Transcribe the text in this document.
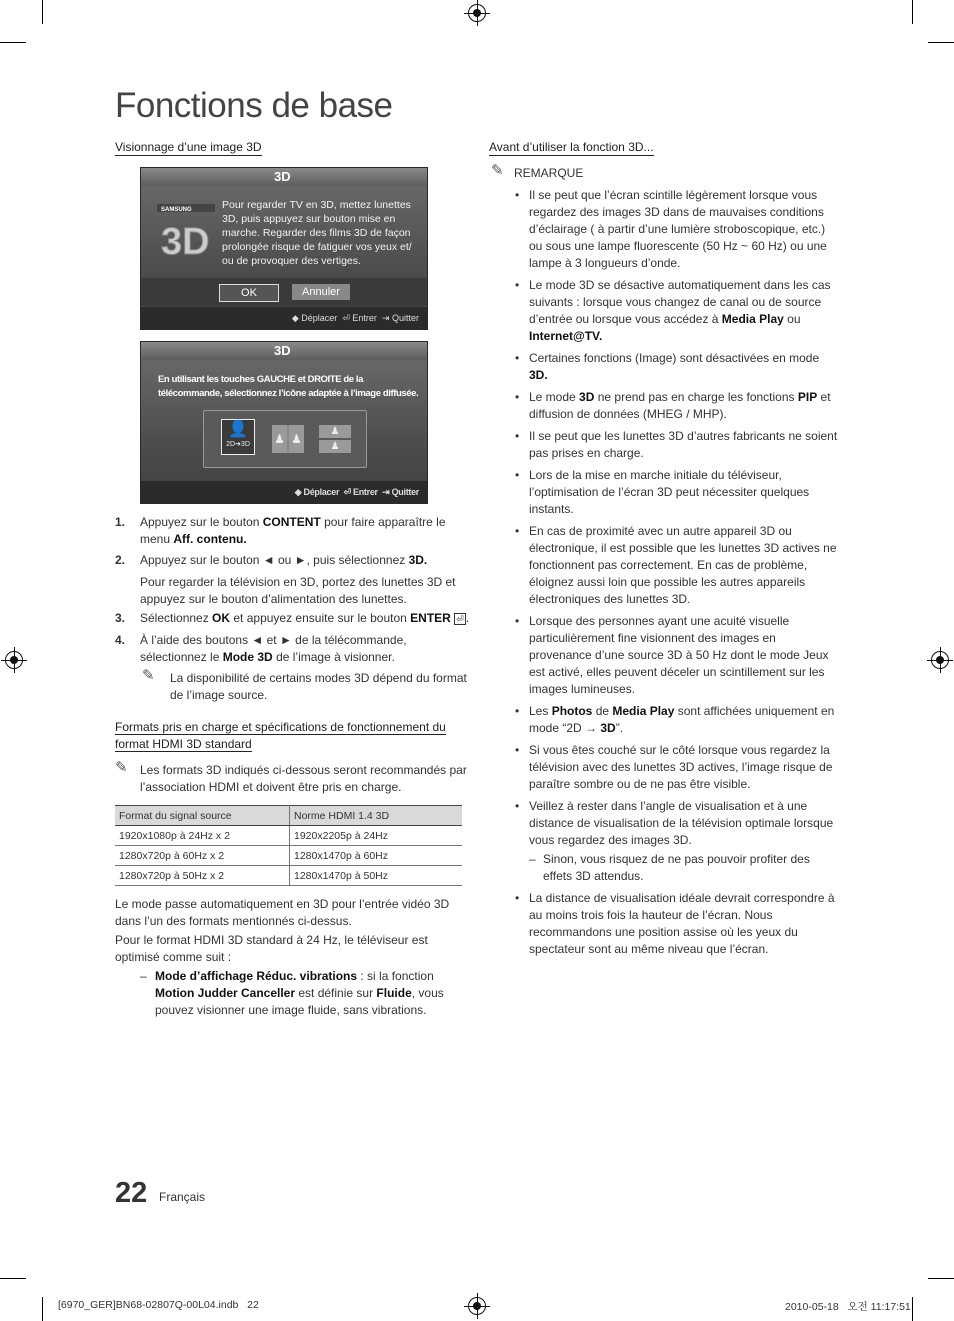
Fonctions de base
Visionnage d’une image 3D
3D
SAMSUNG
3D
Pour regarder TV en 3D, mettez lunettes 3D, puis appuyez sur bouton mise en marche. Regarder des films 3D de façon prolongée risque de fatiguer vos yeux et/ ou de provoquer des vertiges.
OK	Annuler
◆ Déplacer ⏎ Entrer ⇥ Quitter
3D
En utilisant les touches GAUCHE et DROITE de la télécommande, sélectionnez l’icône adaptée à l’image diffusée.
👤
2D➔3D	♟ ♟
♟
♟
◆ Déplacer ⏎ Entrer ⇥ Quitter
1. Appuyez sur le bouton CONTENT pour faire apparaître le menu Aff. contenu.
2. Appuyez sur le bouton ◄ ou ►, puis sélectionnez 3D.
Pour regarder la télévision en 3D, portez des lunettes 3D et appuyez sur le bouton d’alimentation des lunettes.
3. Sélectionnez OK et appuyez ensuite sur le bouton ENTER ⏎ .
4. À l’aide des boutons ◄ et ► de la télécommande, sélectionnez le Mode 3D de l’image à visionner.
✎ La disponibilité de certains modes 3D dépend du format de l’image source.
Formats pris en charge et spécifications de fonctionnement du format HDMI 3D standard
✎ Les formats 3D indiqués ci-dessous seront recommandés par l’association HDMI et doivent être pris en charge.
Format du signal source	Norme HDMI 1.4 3D
1920x1080p à 24Hz x 2	1920x2205p à 24Hz
1280x720p à 60Hz x 2	1280x1470p à 60Hz
1280x720p à 50Hz x 2	1280x1470p à 50Hz
Le mode passe automatiquement en 3D pour l’entrée vidéo 3D dans l’un des formats mentionnés ci-dessus.
Pour le format HDMI 3D standard à 24 Hz, le téléviseur est optimisé comme suit :
– Mode d’affichage Réduc. vibrations : si la fonction Motion Judder Canceller est définie sur Fluide, vous pouvez visionner une image fluide, sans vibrations.
Avant d’utiliser la fonction 3D...
✎ REMARQUE
• Il se peut que l’écran scintille légèrement lorsque vous regardez des images 3D dans de mauvaises conditions d’éclairage ( à partir d’une lumière stroboscopique, etc.) ou sous une lampe fluorescente (50 Hz ~ 60 Hz) ou une lampe à 3 longueurs d’onde.
• Le mode 3D se désactive automatiquement dans les cas suivants : lorsque vous changez de canal ou de source d’entrée ou lorsque vous accédez à Media Play ou Internet@TV.
• Certaines fonctions (Image) sont désactivées en mode 3D.
• Le mode 3D ne prend pas en charge les fonctions PIP et diffusion de données (MHEG / MHP).
• Il se peut que les lunettes 3D d’autres fabricants ne soient pas prises en charge.
• Lors de la mise en marche initiale du téléviseur, l’optimisation de l’écran 3D peut nécessiter quelques instants.
• En cas de proximité avec un autre appareil 3D ou électronique, il est possible que les lunettes 3D actives ne fonctionnent pas correctement. En cas de problème, éloignez aussi loin que possible les autres appareils électroniques des lunettes 3D.
• Lorsque des personnes ayant une acuité visuelle particulièrement fine visionnent des images en provenance d’une source 3D à 50 Hz dont le mode Jeux est activé, elles peuvent déceler un scintillement sur les images lumineuses.
• Les Photos de Media Play sont affichées uniquement en mode “2D → 3D”.
• Si vous êtes couché sur le côté lorsque vous regardez la télévision avec des lunettes 3D actives, l’image risque de paraître sombre ou de ne pas être visible.
• Veillez à rester dans l’angle de visualisation et à une distance de visualisation de la télévision optimale lorsque vous regardez des images 3D.
– Sinon, vous risquez de ne pas pouvoir profiter des effets 3D attendus.
• La distance de visualisation idéale devrait correspondre à au moins trois fois la hauteur de l’écran. Nous recommandons une position assise où les yeux du spectateur sont au même niveau que l’écran.
22 Français
[6970_GER]BN68-02807Q-00L04.indb   22	2010-05-18   오전 11:17:51
